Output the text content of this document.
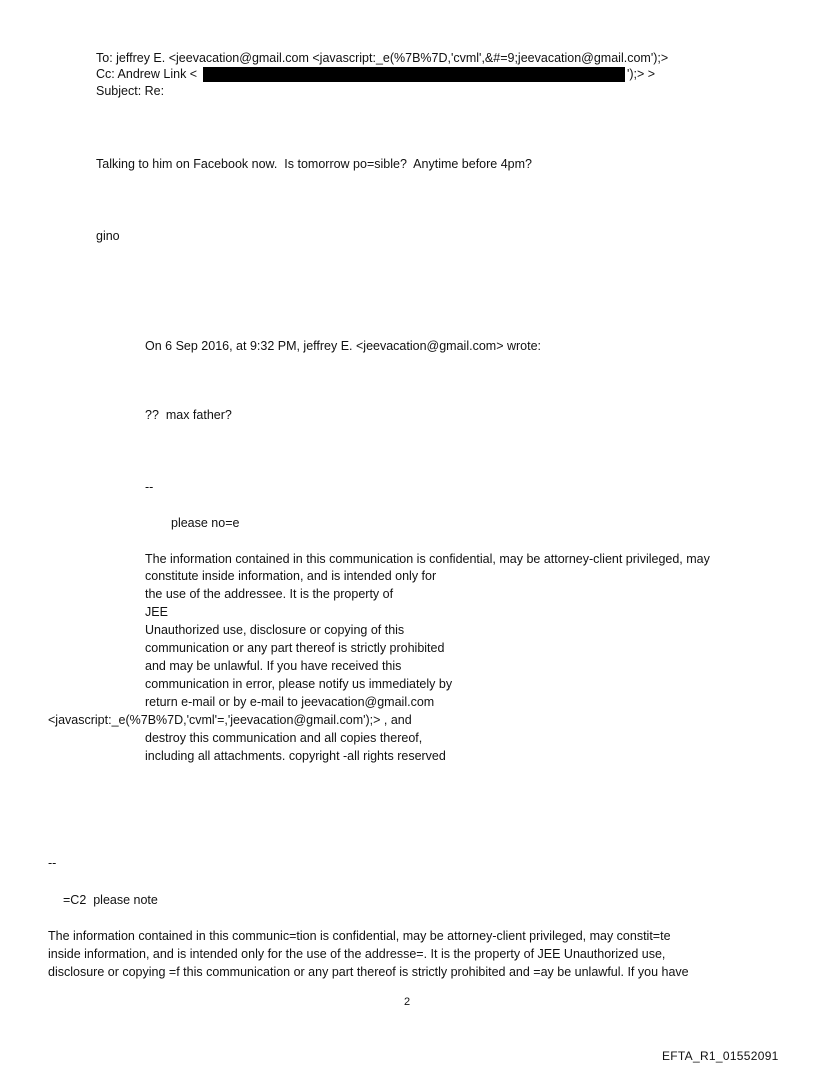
To: jeffrey E. <jeevacation@gmail.com <javascript:_e(%7B%7D,'cvml',&#=9;jeevacation@gmail.com');>
Cc: Andrew Link <	');> >
Subject: Re:
Talking to him on Facebook now.  Is tomorrow po=sible?  Anytime before 4pm?
gino
On 6 Sep 2016, at 9:32 PM, jeffrey E. <jeevacation@gmail.com> wrote:
??  max father?
--
please no=e
The information contained in this communication is confidential, may be attorney-client privileged, may
constitute inside information, and is intended only for
the use of the addressee. It is the property of
JEE
Unauthorized use, disclosure or copying of this
communication or any part thereof is strictly prohibited
and may be unlawful. If you have received this
communication in error, please notify us immediately by
return e-mail or by e-mail to jeevacation@gmail.com
<javascript:_e(%7B%7D,'cvml'=,'jeevacation@gmail.com');> , and
destroy this communication and all copies thereof,
including all attachments. copyright -all rights reserved
--
=C2  please note
The information contained in this communic=tion is confidential, may be attorney-client privileged, may constit=te
inside information, and is intended only for the use of the addresse=. It is the property of JEE Unauthorized use,
disclosure or copying =f this communication or any part thereof is strictly prohibited and =ay be unlawful. If you have
2
EFTA_R1_01552091
